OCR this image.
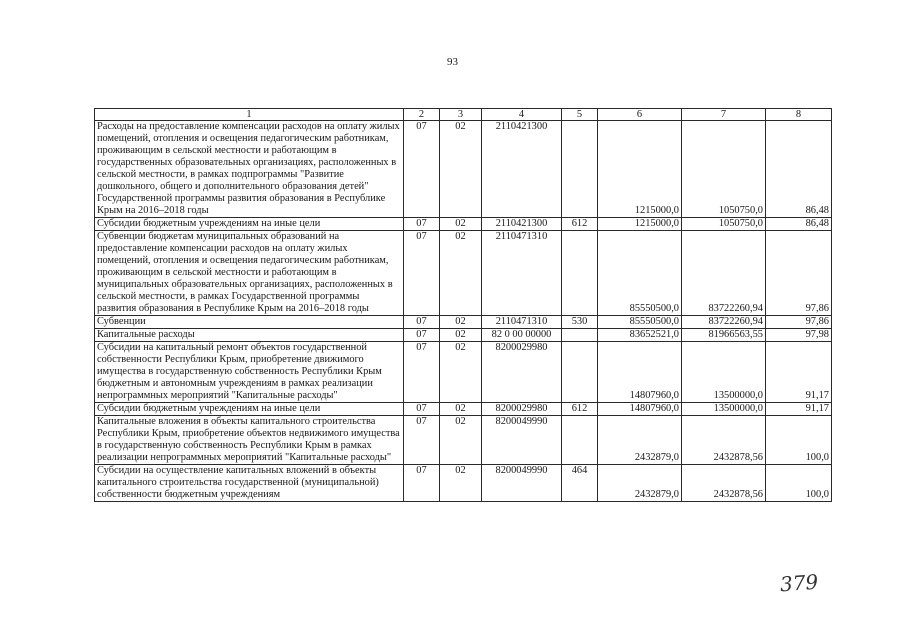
93
1	2	3	4	5	6	7	8
Расходы на предоставление компенсации расходов на оплату жилых помещений, отопления и освещения педагогическим работникам, проживающим в сельской местности и работающим в государственных образовательных организациях, расположенных в сельской местности, в рамках подпрограммы "Развитие дошкольного, общего и дополнительного образования детей" Государственной программы развития образования в Республике Крым на 2016–2018 годы	07	02	2110421300		1215000,0	1050750,0	86,48
Субсидии бюджетным учреждениям на иные цели	07	02	2110421300	612	1215000,0	1050750,0	86,48
Субвенции бюджетам муниципальных образований на предоставление компенсации расходов на оплату жилых помещений, отопления и освещения педагогическим работникам, проживающим в сельской местности и работающим в муниципальных образовательных организациях, расположенных в сельской местности, в рамках Государственной программы развития образования в Республике Крым на 2016–2018 годы	07	02	2110471310		85550500,0	83722260,94	97,86
Субвенции	07	02	2110471310	530	85550500,0	83722260,94	97,86
Капитальные расходы	07	02	82 0 00 00000		83652521,0	81966563,55	97,98
Субсидии на капитальный ремонт объектов государственной собственности Республики Крым, приобретение движимого имущества в государственную собственность Республики Крым бюджетным и автономным учреждениям в рамках реализации непрограммных мероприятий "Капитальные расходы"	07	02	8200029980		14807960,0	13500000,0	91,17
Субсидии бюджетным учреждениям на иные цели	07	02	8200029980	612	14807960,0	13500000,0	91,17
Капитальные вложения в объекты капитального строительства Республики Крым, приобретение объектов недвижимого имущества в государственную собственность Республики Крым в рамках реализации непрограммных мероприятий "Капитальные расходы"	07	02	8200049990		2432879,0	2432878,56	100,0
Субсидии на осуществление капитальных вложений в объекты капитального строительства государственной (муниципальной) собственности бюджетным учреждениям	07	02	8200049990	464	2432879,0	2432878,56	100,0
379
